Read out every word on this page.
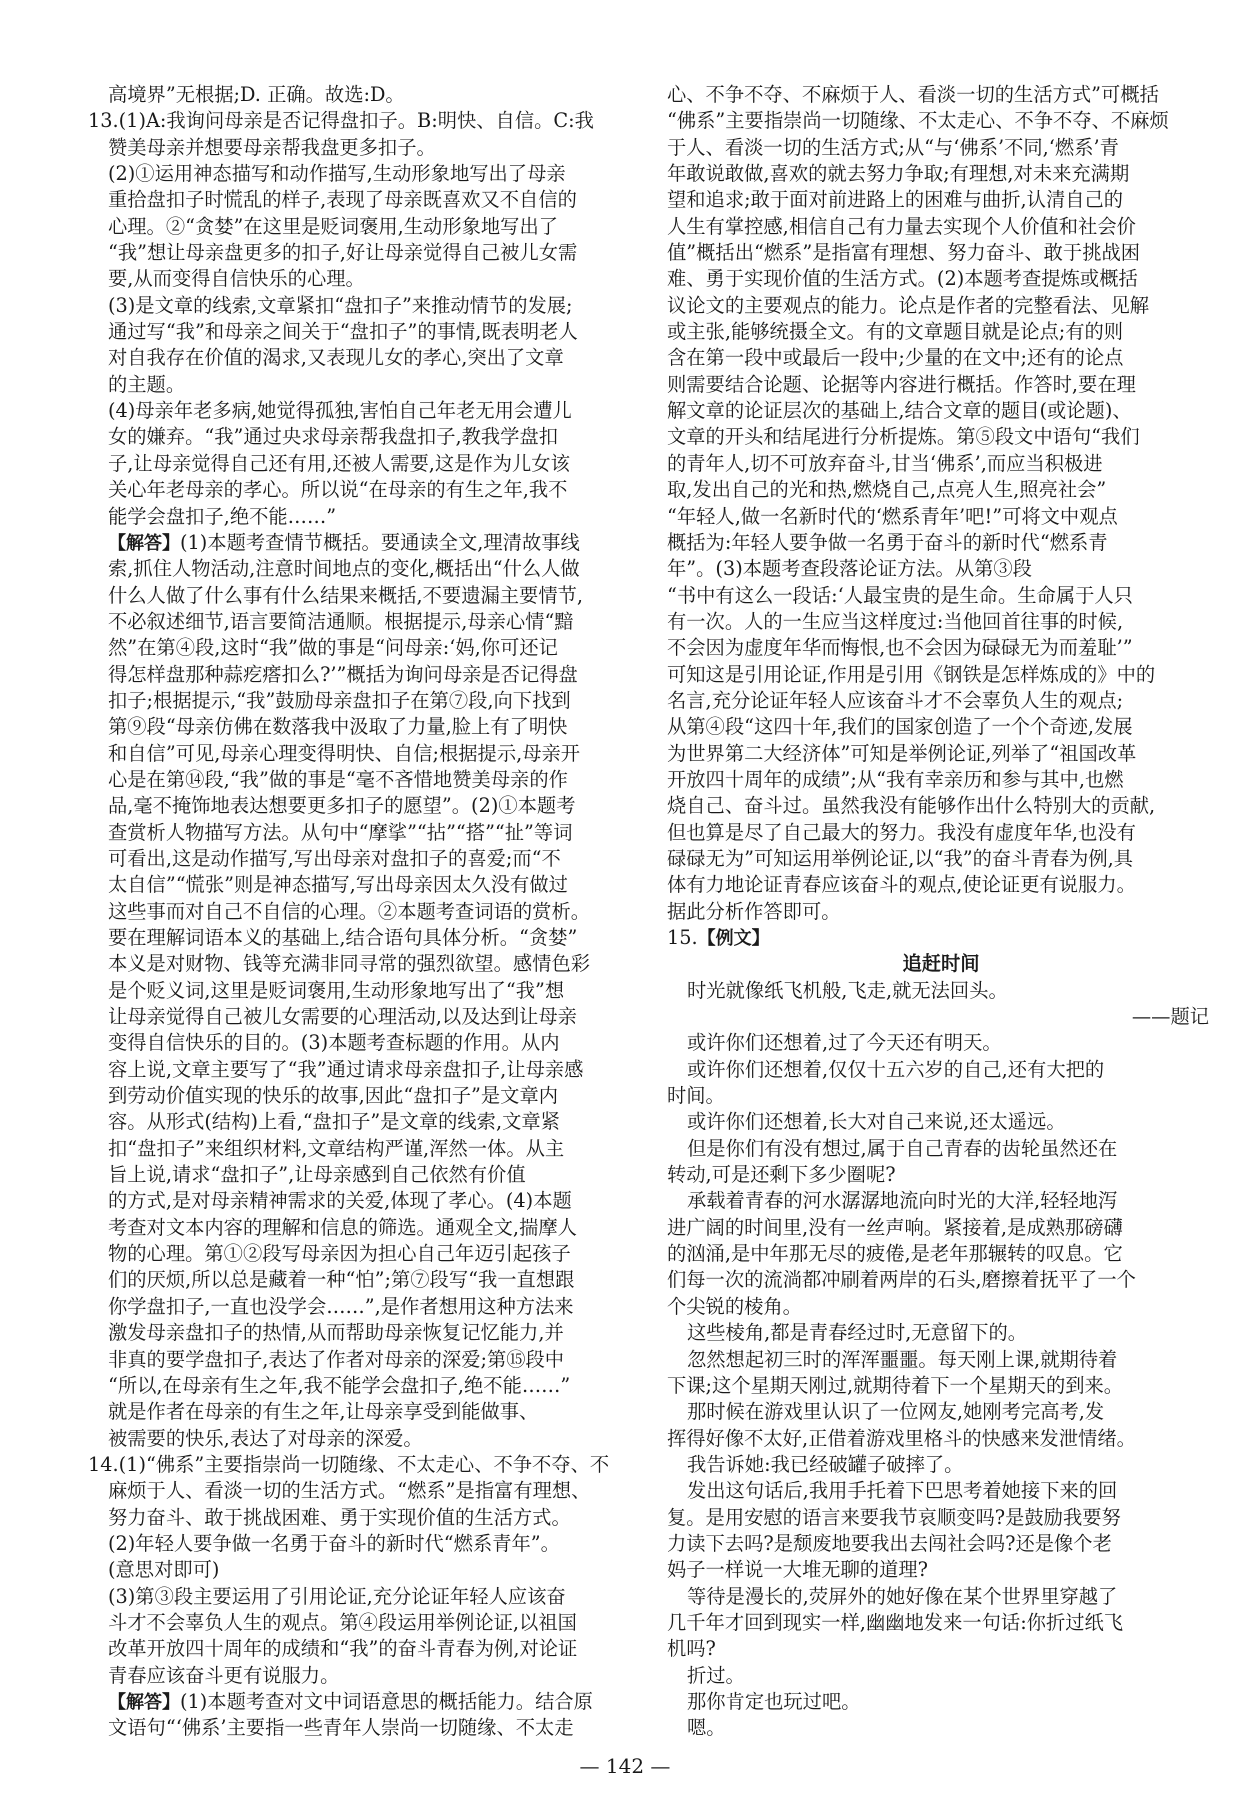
高境界”无根据;D. 正确。故选:D。
13.(1)A:我询问母亲是否记得盘扣子。B:明快、自信。C:我
赞美母亲并想要母亲帮我盘更多扣子。
(2)①运用神态描写和动作描写,生动形象地写出了母亲
重拾盘扣子时慌乱的样子,表现了母亲既喜欢又不自信的
心理。②“贪婪”在这里是贬词褒用,生动形象地写出了
“我”想让母亲盘更多的扣子,好让母亲觉得自己被儿女需
要,从而变得自信快乐的心理。
(3)是文章的线索,文章紧扣“盘扣子”来推动情节的发展;
通过写“我”和母亲之间关于“盘扣子”的事情,既表明老人
对自我存在价值的渴求,又表现儿女的孝心,突出了文章
的主题。
(4)母亲年老多病,她觉得孤独,害怕自己年老无用会遭儿
女的嫌弃。“我”通过央求母亲帮我盘扣子,教我学盘扣
子,让母亲觉得自己还有用,还被人需要,这是作为儿女该
关心年老母亲的孝心。所以说“在母亲的有生之年,我不
能学会盘扣子,绝不能……”
【解答】(1)本题考查情节概括。要通读全文,理清故事线
索,抓住人物活动,注意时间地点的变化,概括出“什么人做
什么人做了什么事有什么结果来概括,不要遗漏主要情节,
不必叙述细节,语言要简洁通顺。根据提示,母亲心情“黯
然”在第④段,这时“我”做的事是“问母亲:‘妈,你可还记
得怎样盘那种蒜疙瘩扣么?’”概括为询问母亲是否记得盘
扣子;根据提示,“我”鼓励母亲盘扣子在第⑦段,向下找到
第⑨段“母亲仿佛在数落我中汲取了力量,脸上有了明快
和自信”可见,母亲心理变得明快、自信;根据提示,母亲开
心是在第⑭段,“我”做的事是“毫不吝惜地赞美母亲的作
品,毫不掩饰地表达想要更多扣子的愿望”。(2)①本题考
查赏析人物描写方法。从句中“摩挲”“拈”“搭”“扯”等词
可看出,这是动作描写,写出母亲对盘扣子的喜爱;而“不
太自信”“慌张”则是神态描写,写出母亲因太久没有做过
这些事而对自己不自信的心理。②本题考查词语的赏析。
要在理解词语本义的基础上,结合语句具体分析。“贪婪”
本义是对财物、钱等充满非同寻常的强烈欲望。感情色彩
是个贬义词,这里是贬词褒用,生动形象地写出了“我”想
让母亲觉得自己被儿女需要的心理活动,以及达到让母亲
变得自信快乐的目的。(3)本题考查标题的作用。从内
容上说,文章主要写了“我”通过请求母亲盘扣子,让母亲感
到劳动价值实现的快乐的故事,因此“盘扣子”是文章内
容。从形式(结构)上看,“盘扣子”是文章的线索,文章紧
扣“盘扣子”来组织材料,文章结构严谨,浑然一体。从主
旨上说,请求“盘扣子”,让母亲感到自己依然有价值
的方式,是对母亲精神需求的关爱,体现了孝心。(4)本题
考查对文本内容的理解和信息的筛选。通观全文,揣摩人
物的心理。第①②段写母亲因为担心自己年迈引起孩子
们的厌烦,所以总是藏着一种“怕”;第⑦段写“我一直想跟
你学盘扣子,一直也没学会……”,是作者想用这种方法来
激发母亲盘扣子的热情,从而帮助母亲恢复记忆能力,并
非真的要学盘扣子,表达了作者对母亲的深爱;第⑮段中
“所以,在母亲有生之年,我不能学会盘扣子,绝不能……”
就是作者在母亲的有生之年,让母亲享受到能做事、
被需要的快乐,表达了对母亲的深爱。
14.(1)“佛系”主要指崇尚一切随缘、不太走心、不争不夺、不
麻烦于人、看淡一切的生活方式。“燃系”是指富有理想、
努力奋斗、敢于挑战困难、勇于实现价值的生活方式。
(2)年轻人要争做一名勇于奋斗的新时代“燃系青年”。
(意思对即可)
(3)第③段主要运用了引用论证,充分论证年轻人应该奋
斗才不会辜负人生的观点。第④段运用举例论证,以祖国
改革开放四十周年的成绩和“我”的奋斗青春为例,对论证
青春应该奋斗更有说服力。
【解答】(1)本题考查对文中词语意思的概括能力。结合原
文语句“‘佛系’主要指一些青年人崇尚一切随缘、不太走
心、不争不夺、不麻烦于人、看淡一切的生活方式”可概括
“佛系”主要指崇尚一切随缘、不太走心、不争不夺、不麻烦
于人、看淡一切的生活方式;从“与‘佛系’不同,‘燃系’青
年敢说敢做,喜欢的就去努力争取;有理想,对未来充满期
望和追求;敢于面对前进路上的困难与曲折,认清自己的
人生有掌控感,相信自己有力量去实现个人价值和社会价
值”概括出“燃系”是指富有理想、努力奋斗、敢于挑战困
难、勇于实现价值的生活方式。(2)本题考查提炼或概括
议论文的主要观点的能力。论点是作者的完整看法、见解
或主张,能够统摄全文。有的文章题目就是论点;有的则
含在第一段中或最后一段中;少量的在文中;还有的论点
则需要结合论题、论据等内容进行概括。作答时,要在理
解文章的论证层次的基础上,结合文章的题目(或论题)、
文章的开头和结尾进行分析提炼。第⑤段文中语句“我们
的青年人,切不可放弃奋斗,甘当‘佛系’,而应当积极进
取,发出自己的光和热,燃烧自己,点亮人生,照亮社会”
“年轻人,做一名新时代的‘燃系青年’吧!”可将文中观点
概括为:年轻人要争做一名勇于奋斗的新时代“燃系青
年”。(3)本题考查段落论证方法。从第③段
“书中有这么一段话:‘人最宝贵的是生命。生命属于人只
有一次。人的一生应当这样度过:当他回首往事的时候,
不会因为虚度年华而悔恨,也不会因为碌碌无为而羞耻’”
可知这是引用论证,作用是引用《钢铁是怎样炼成的》中的
名言,充分论证年轻人应该奋斗才不会辜负人生的观点;
从第④段“这四十年,我们的国家创造了一个个奇迹,发展
为世界第二大经济体”可知是举例论证,列举了“祖国改革
开放四十周年的成绩”;从“我有幸亲历和参与其中,也燃
烧自己、奋斗过。虽然我没有能够作出什么特别大的贡献,
但也算是尽了自己最大的努力。我没有虚度年华,也没有
碌碌无为”可知运用举例论证,以“我”的奋斗青春为例,具
体有力地论证青春应该奋斗的观点,使论证更有说服力。
据此分析作答即可。
15.【例文】
追赶时间
时光就像纸飞机般,飞走,就无法回头。
——题记
或许你们还想着,过了今天还有明天。
或许你们还想着,仅仅十五六岁的自己,还有大把的
时间。
或许你们还想着,长大对自己来说,还太遥远。
但是你们有没有想过,属于自己青春的齿轮虽然还在
转动,可是还剩下多少圈呢?
承载着青春的河水潺潺地流向时光的大洋,轻轻地泻
进广阔的时间里,没有一丝声响。紧接着,是成熟那磅礴
的汹涌,是中年那无尽的疲倦,是老年那辗转的叹息。它
们每一次的流淌都冲刷着两岸的石头,磨擦着抚平了一个
个尖锐的棱角。
这些棱角,都是青春经过时,无意留下的。
忽然想起初三时的浑浑噩噩。每天刚上课,就期待着
下课;这个星期天刚过,就期待着下一个星期天的到来。
那时候在游戏里认识了一位网友,她刚考完高考,发
挥得好像不太好,正借着游戏里格斗的快感来发泄情绪。
我告诉她:我已经破罐子破摔了。
发出这句话后,我用手托着下巴思考着她接下来的回
复。是用安慰的语言来要我节哀顺变吗?是鼓励我要努
力读下去吗?是颓废地要我出去闯社会吗?还是像个老
妈子一样说一大堆无聊的道理?
等待是漫长的,荧屏外的她好像在某个世界里穿越了
几千年才回到现实一样,幽幽地发来一句话:你折过纸飞
机吗?
折过。
那你肯定也玩过吧。
嗯。
— 142 —
